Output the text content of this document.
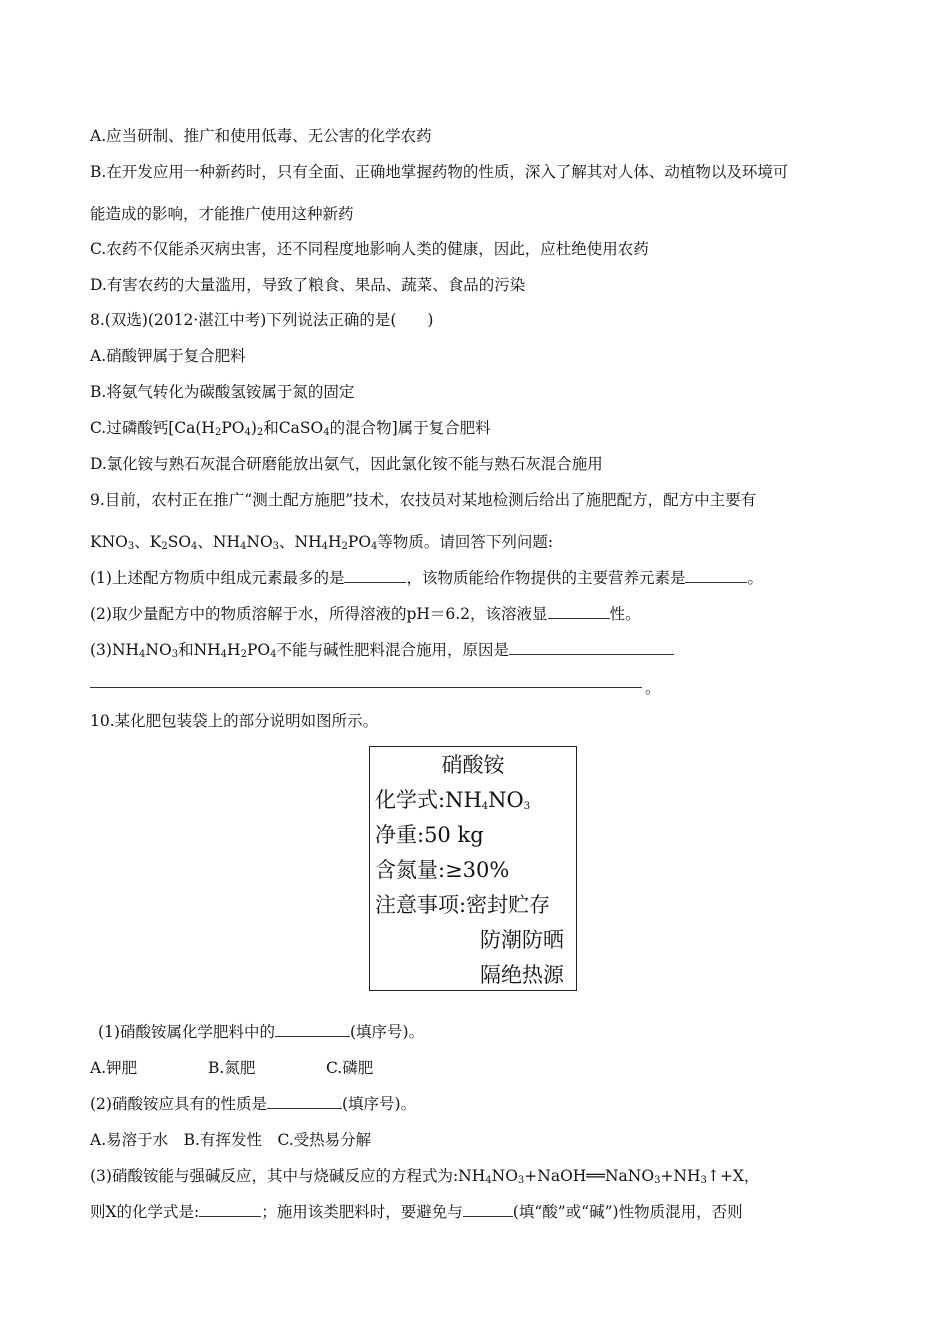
A.应当研制、推广和使用低毒、无公害的化学农药
B.在开发应用一种新药时，只有全面、正确地掌握药物的性质，深入了解其对人体、动植物以及环境可
能造成的影响，才能推广使用这种新药
C.农药不仅能杀灭病虫害，还不同程度地影响人类的健康，因此，应杜绝使用农药
D.有害农药的大量滥用，导致了粮食、果品、蔬菜、食品的污染
8.(双选)(2012·湛江中考)下列说法正确的是(　　)
A.硝酸钾属于复合肥料
B.将氨气转化为碳酸氢铵属于氮的固定
C.过磷酸钙[$Ca(H_2PO_4)_2$和CaSO$_4$的混合物]属于复合肥料
D.氯化铵与熟石灰混合研磨能放出氨气，因此氯化铵不能与熟石灰混合施用
9.目前，农村正在推广“测土配方施肥”技术，农技员对某地检测后给出了施肥配方，配方中主要有
$KNO_3$、$K_2SO_4$、$NH_4NO_3$、$NH_4H_2PO_4$等物质。请回答下列问题:
(1)上述配方物质中组成元素最多的是	，该物质能给作物提供的主要营养元素是	。
(2)取少量配方中的物质溶解于水，所得溶液的pH＝6.2，该溶液显	性。
$(3)NH_4NO_3$和$NH_4H_2PO_4$不能与碱性肥料混合施用，原因是
。
10.某化肥包装袋上的部分说明如图所示。
硝酸铵
化学式$:NH_4NO_3$
净重:50 kg
含氮量:≥30%
注意事项:密封贮存
防潮防晒
隔绝热源
(1)硝酸铵属化学肥料中的	(填序号)。
A.钾肥	B.氮肥	C.磷肥
(2)硝酸铵应具有的性质是	(填序号)。
A.易溶于水　B.有挥发性　C.受热易分解
(3)硝酸铵能与强碱反应，其中与烧碱反应的方程式为$:NH_4NO_3+NaOH══NaNO_3+NH_3↑+X$，
则X的化学式是:	；施用该类肥料时，要避免与	(填“酸”或“碱”)性物质混用，否则
